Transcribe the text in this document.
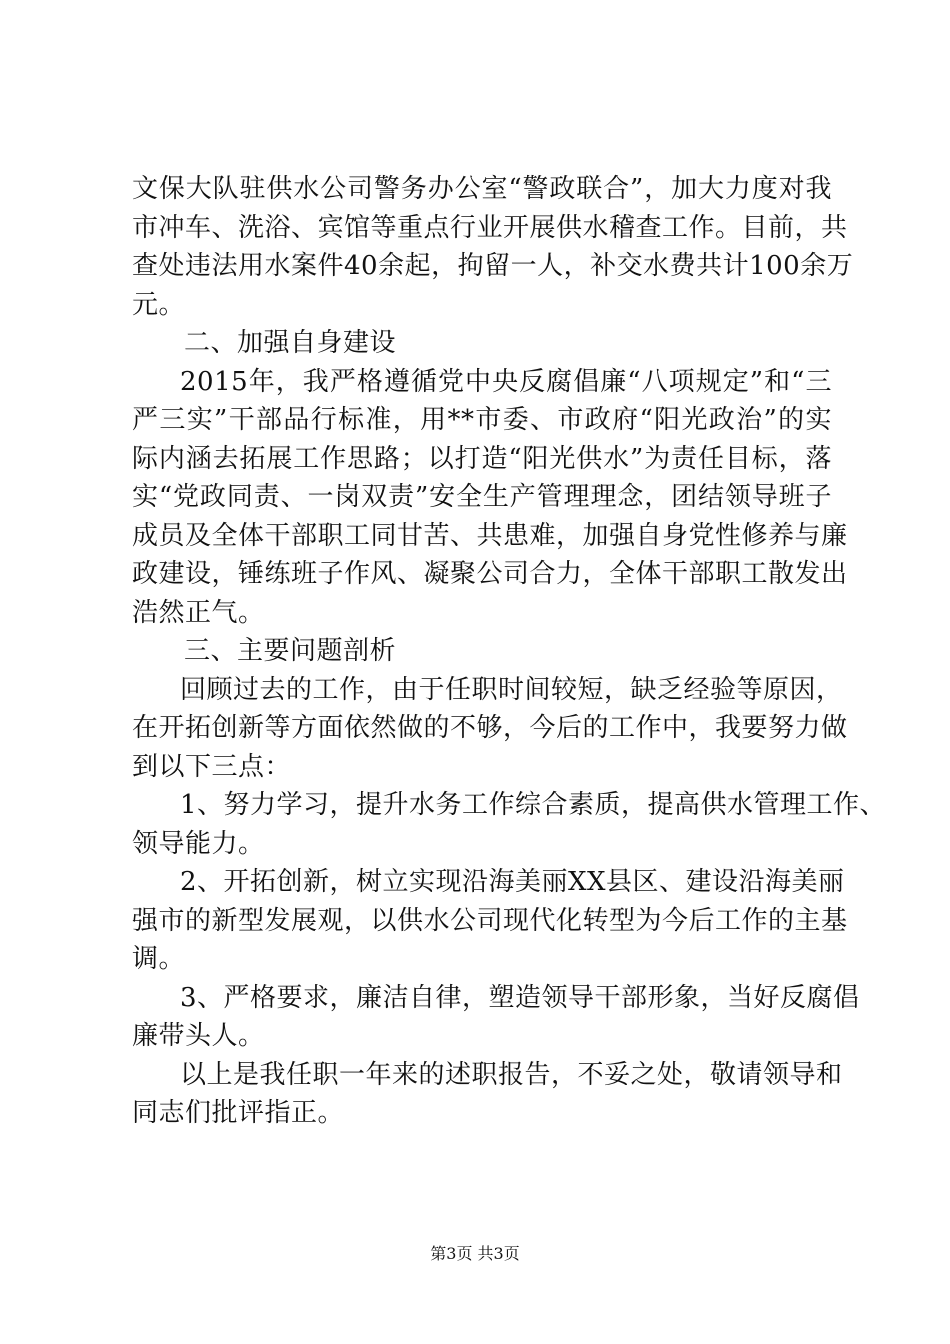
文保大队驻供水公司警务办公室“警政联合”，加大力度对我
市冲车、洗浴、宾馆等重点行业开展供水稽查工作。目前，共
查处违法用水案件40余起，拘留一人，补交水费共计100余万
元。
二、加强自身建设
2015年，我严格遵循党中央反腐倡廉“八项规定”和“三
严三实”干部品行标准，用**市委、市政府“阳光政治”的实
际内涵去拓展工作思路；以打造“阳光供水”为责任目标，落
实“党政同责、一岗双责”安全生产管理理念，团结领导班子
成员及全体干部职工同甘苦、共患难，加强自身党性修养与廉
政建设，锤练班子作风、凝聚公司合力，全体干部职工散发出
浩然正气。
三、主要问题剖析
回顾过去的工作，由于任职时间较短，缺乏经验等原因，
在开拓创新等方面依然做的不够，今后的工作中，我要努力做
到以下三点：
1、努力学习，提升水务工作综合素质，提高供水管理工作、
领导能力。
2、开拓创新，树立实现沿海美丽XX县区、建设沿海美丽
强市的新型发展观，以供水公司现代化转型为今后工作的主基
调。
3、严格要求，廉洁自律，塑造领导干部形象，当好反腐倡
廉带头人。
以上是我任职一年来的述职报告，不妥之处，敬请领导和
同志们批评指正。
第3页 共3页
